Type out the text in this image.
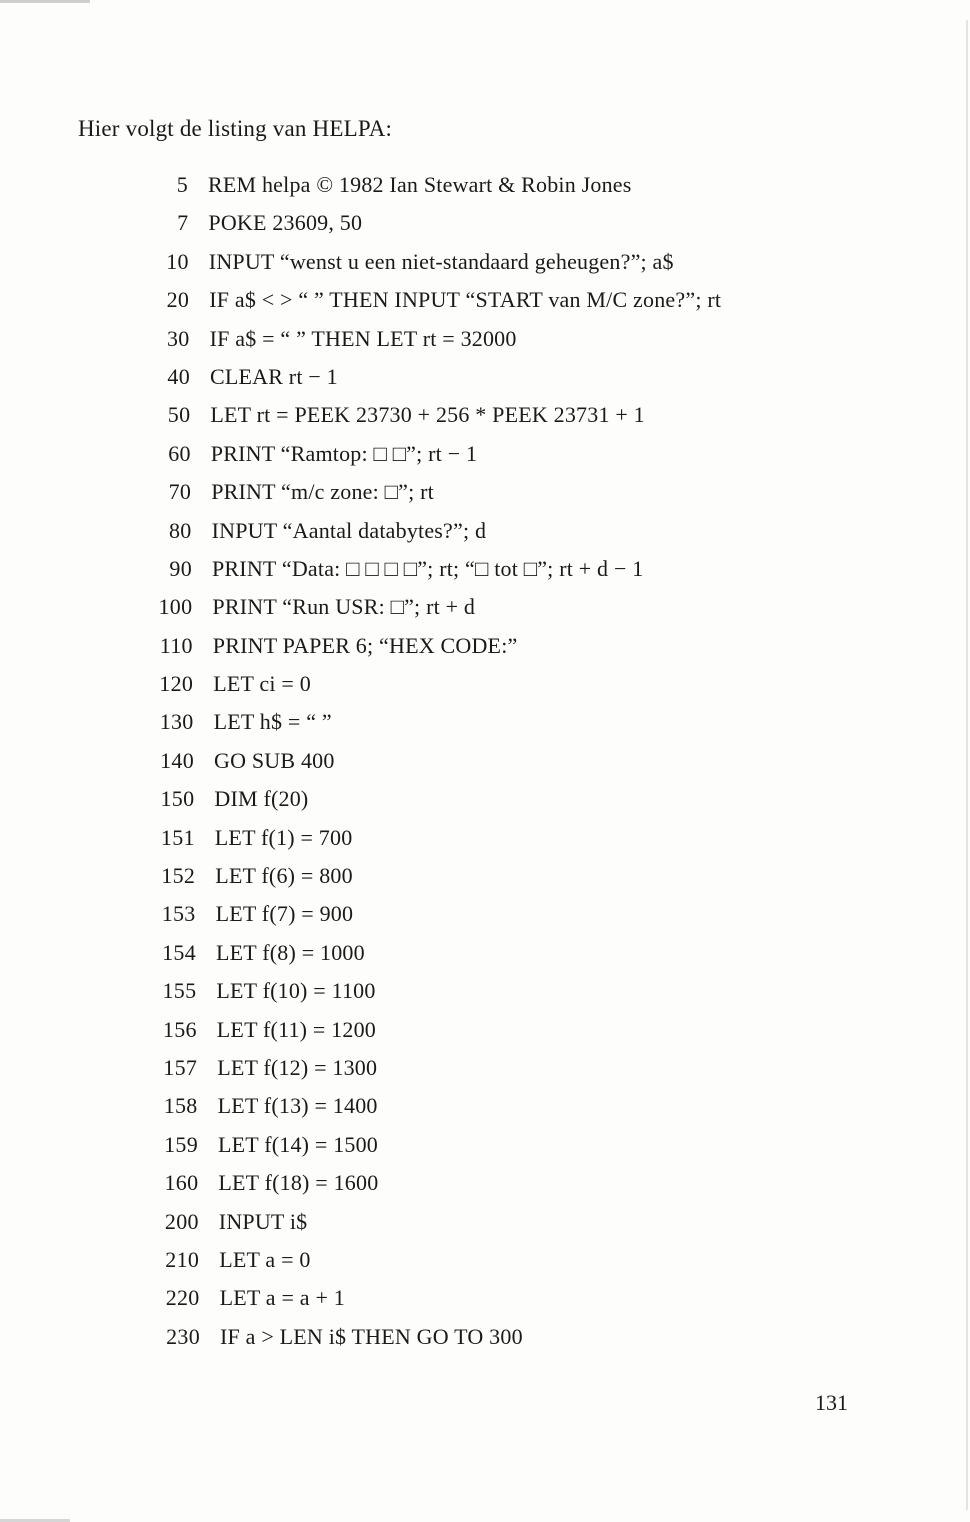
Hier volgt de listing van HELPA:
5 REM helpa © 1982 Ian Stewart & Robin Jones
7 POKE 23609, 50
10 INPUT “wenst u een niet-standaard geheugen?”; a$
20 IF a$ < > “ ” THEN INPUT “START van M/C zone?”; rt
30 IF a$ = “ ” THEN LET rt = 32000
40 CLEAR rt − 1
50 LET rt = PEEK 23730 + 256 * PEEK 23731 + 1
60 PRINT “Ramtop: □ □”; rt − 1
70 PRINT “m/c zone: □”; rt
80 INPUT “Aantal databytes?”; d
90 PRINT “Data: □ □ □ □”; rt; “□ tot □”; rt + d − 1
100 PRINT “Run USR: □”; rt + d
110 PRINT PAPER 6; “HEX CODE:”
120 LET ci = 0
130 LET h$ = “ ”
140 GO SUB 400
150 DIM f(20)
151 LET f(1) = 700
152 LET f(6) = 800
153 LET f(7) = 900
154 LET f(8) = 1000
155 LET f(10) = 1100
156 LET f(11) = 1200
157 LET f(12) = 1300
158 LET f(13) = 1400
159 LET f(14) = 1500
160 LET f(18) = 1600
200 INPUT i$
210 LET a = 0
220 LET a = a + 1
230 IF a > LEN i$ THEN GO TO 300
131
